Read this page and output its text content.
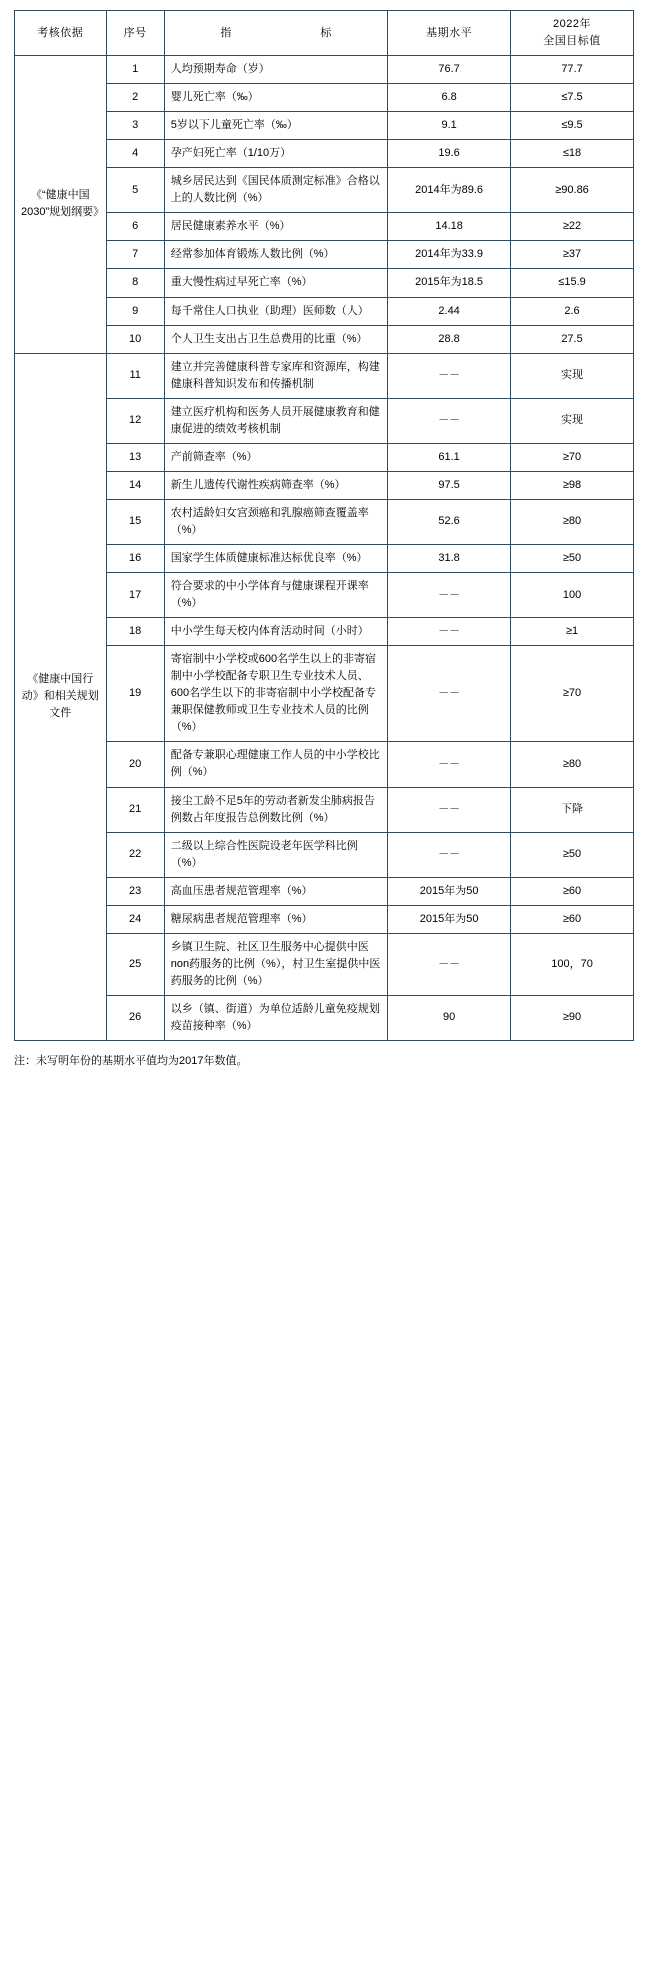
考核依据	序号	指　　　标	基期水平	2022年
全国目标值

《“健康中国2030”规划纲要》	1	人均预期寿命（岁）	76.7	77.7
	2	婴儿死亡率（‰）	6.8	≤7.5
	3	5岁以下儿童死亡率（‰）	9.1	≤9.5
	4	孕产妇死亡率（1/10万）	19.6	≤18
	5	城乡居民达到《国民体质测定标准》合格以上的人数比例（%）	2014年为89.6	≥90.86
	6	居民健康素养水平（%）	14.18	≥22
	7	经常参加体育锻炼人数比例（%）	2014年为33.9	≥37
	8	重大慢性病过早死亡率（%）	2015年为18.5	≤15.9
	9	每千常住人口执业（助理）医师数（人）	2.44	2.6
	10	个人卫生支出占卫生总费用的比重（%）	28.8	27.5
《健康中国行动》和相关规划文件	11	建立并完善健康科普专家库和资源库，构建健康科普知识发布和传播机制	－－	实现
	12	建立医疗机构和医务人员开展健康教育和健康促进的绩效考核机制	－－	实现
	13	产前筛查率（%）	61.1	≥70
	14	新生儿遗传代谢性疾病筛查率（%）	97.5	≥98
	15	农村适龄妇女宫颈癌和乳腺癌筛查覆盖率（%）	52.6	≥80
	16	国家学生体质健康标准达标优良率（%）	31.8	≥50
	17	符合要求的中小学体育与健康课程开课率（%）	－－	100
	18	中小学生每天校内体育活动时间（小时）	－－	≥1
	19	寄宿制中小学校或600名学生以上的非寄宿制中小学校配备专职卫生专业技术人员、600名学生以下的非寄宿制中小学校配备专兼职保健教师或卫生专业技术人员的比例（%）	－－	≥70
	20	配备专兼职心理健康工作人员的中小学校比例（%）	－－	≥80
	21	接尘工龄不足5年的劳动者新发尘肺病报告例数占年度报告总例数比例（%）	－－	下降
	22	二级以上综合性医院设老年医学科比例（%）	－－	≥50
	23	高血压患者规范管理率（%）	2015年为50	≥60
	24	糖尿病患者规范管理率（%）	2015年为50	≥60
	25	乡镇卫生院、社区卫生服务中心提供中医non药服务的比例（%），村卫生室提供中医药服务的比例（%）	－－	100，70
	26	以乡（镇、街道）为单位适龄儿童免疫规划疫苗接种率（%）	90	≥90
注：未写明年份的基期水平值均为2017年数值。
